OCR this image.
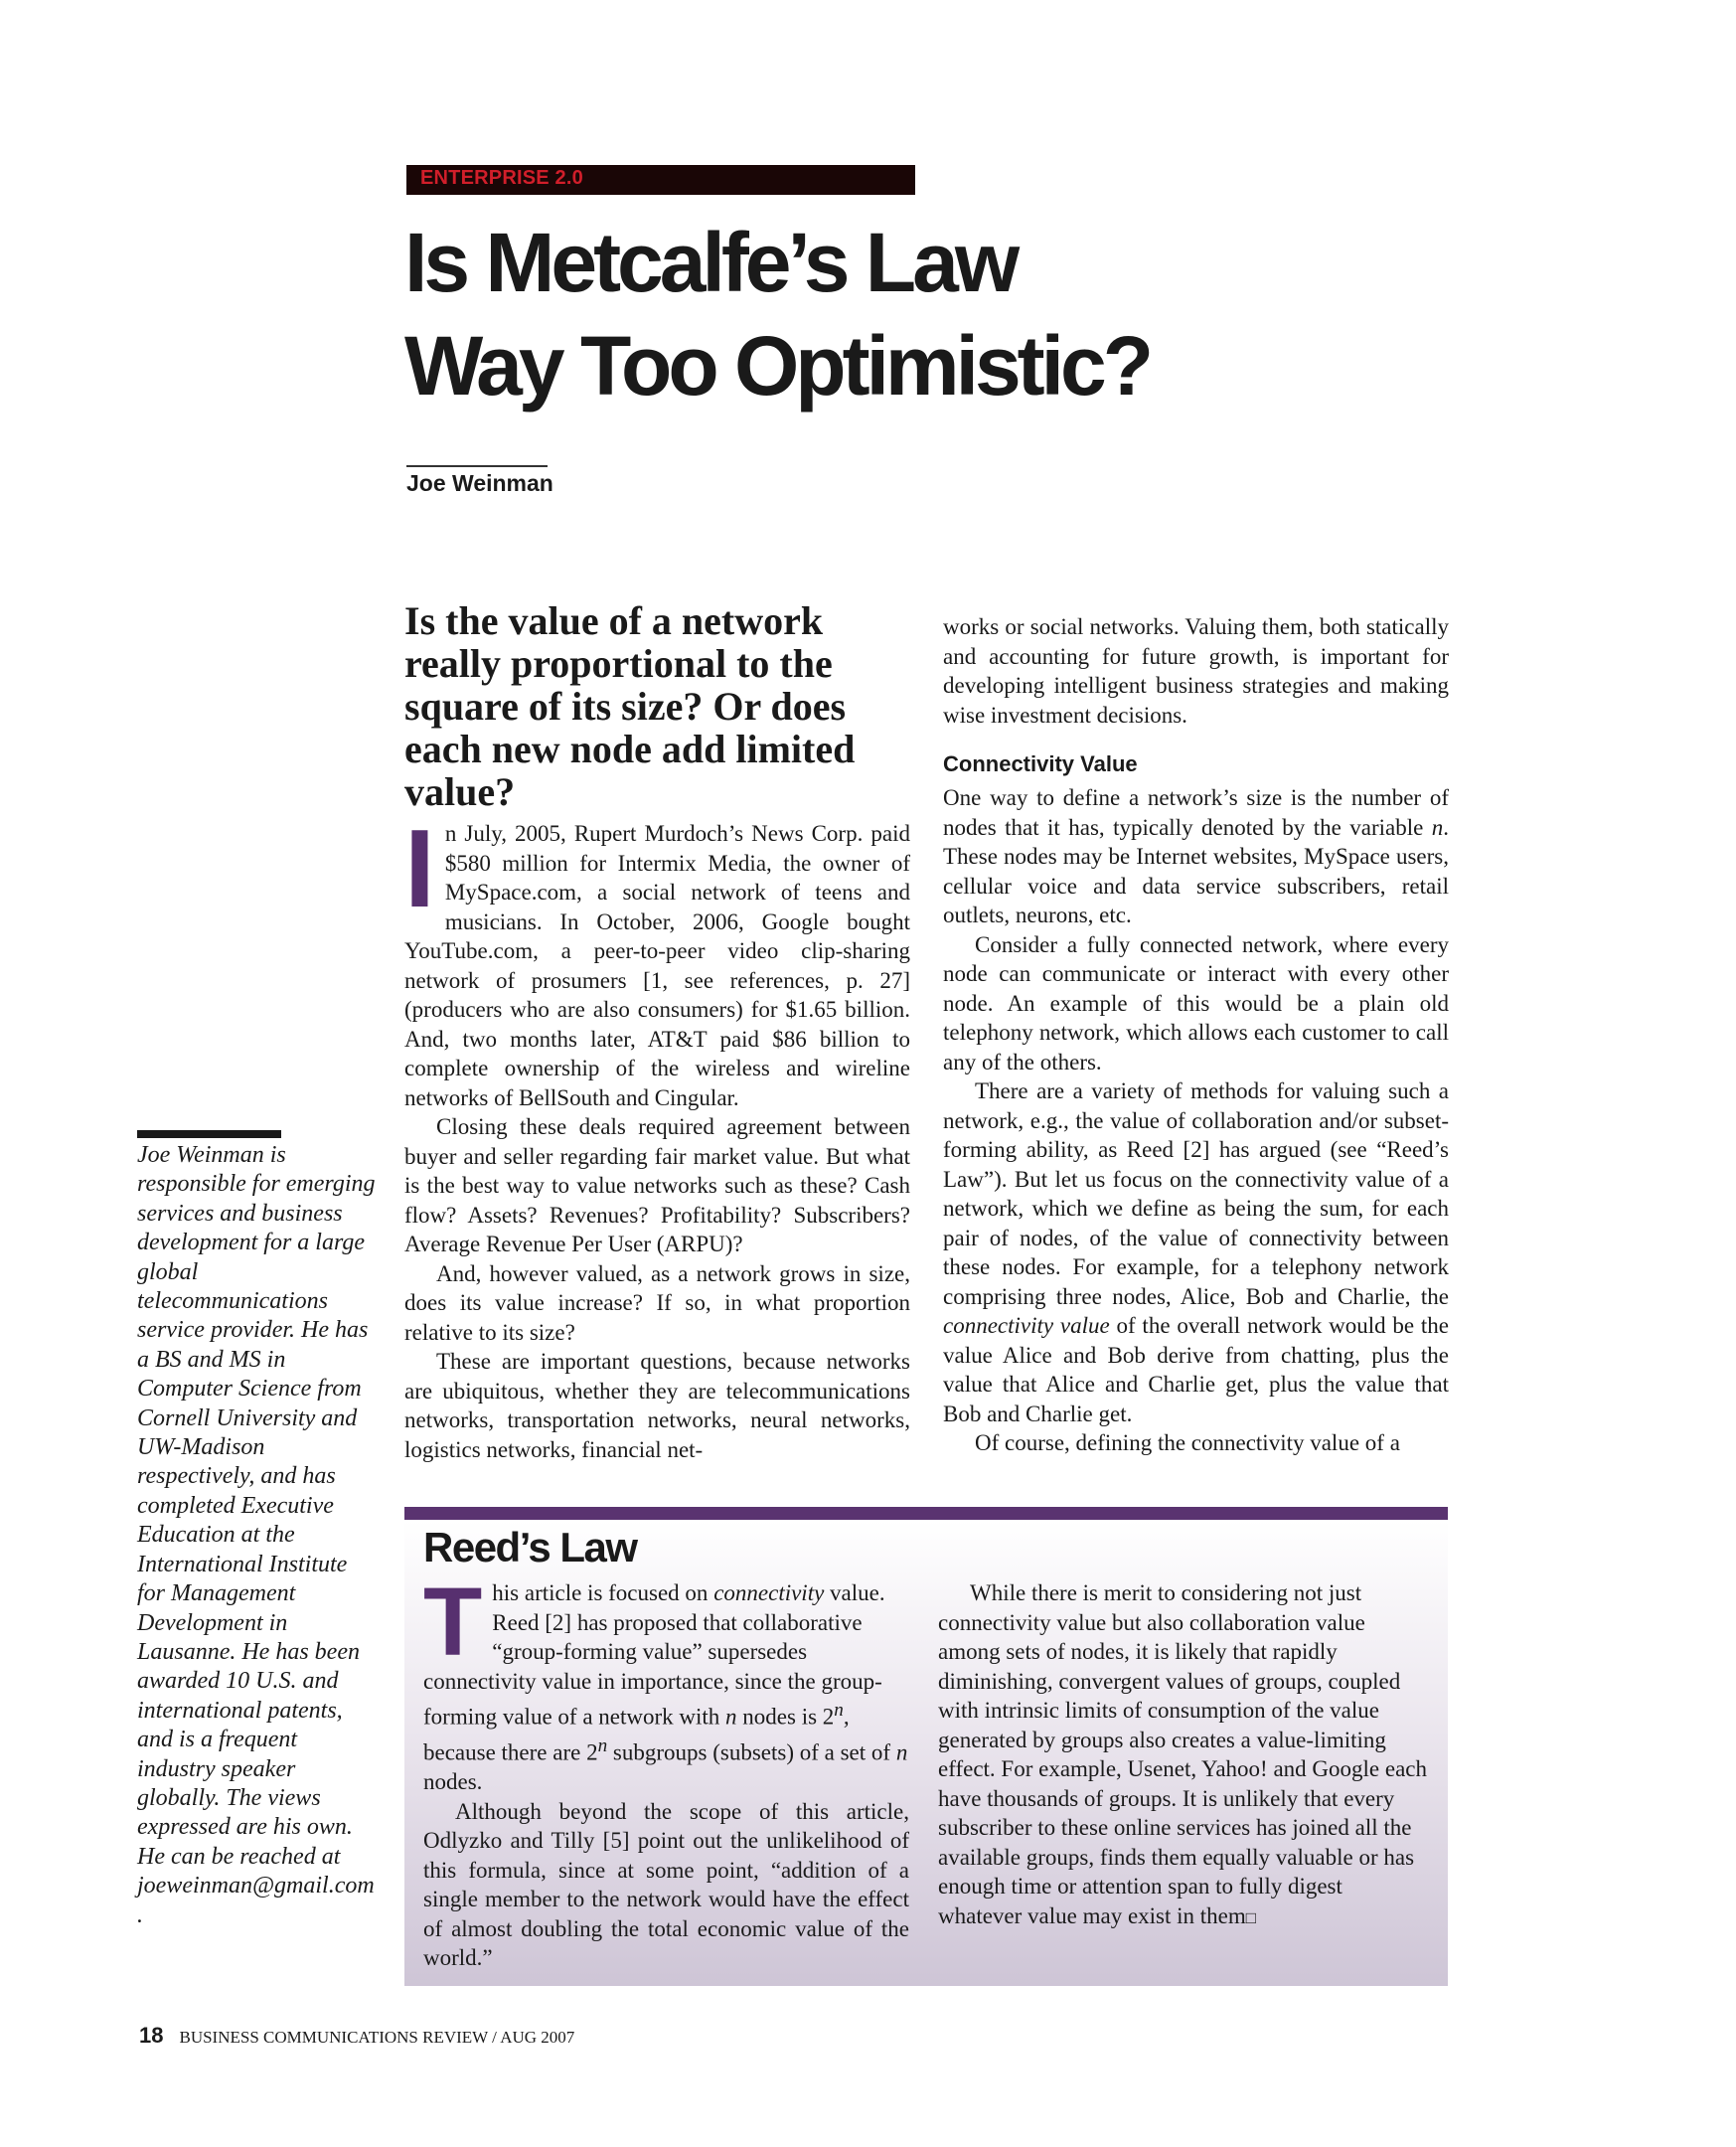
ENTERPRISE 2.0
Is Metcalfe’s Law
Way Too Optimistic?
Joe Weinman
Is the value of a network really proportional to the square of its size? Or does each new node add limited value?

In July, 2005, Rupert Murdoch’s News Corp. paid $580 million for Intermix Media, the owner of MySpace.com, a social network of teens and musicians. In October, 2006, Google bought YouTube.com, a peer-to-peer video clip-sharing network of prosumers [1, see references, p. 27] (producers who are also consumers) for $1.65 billion. And, two months later, AT&T paid $86 billion to complete ownership of the wireless and wireline networks of BellSouth and Cingular.

Closing these deals required agreement between buyer and seller regarding fair market value. But what is the best way to value networks such as these? Cash flow? Assets? Revenues? Profitability? Subscribers? Average Revenue Per User (ARPU)?

And, however valued, as a network grows in size, does its value increase? If so, in what proportion relative to its size?

These are important questions, because networks are ubiquitous, whether they are telecommunications networks, transportation networks, neural networks, logistics networks, financial net-

works or social networks. Valuing them, both statically and accounting for future growth, is important for developing intelligent business strategies and making wise investment decisions.

Connectivity Value

One way to define a network’s size is the number of nodes that it has, typically denoted by the variable n. These nodes may be Internet websites, MySpace users, cellular voice and data service subscribers, retail outlets, neurons, etc.

Consider a fully connected network, where every node can communicate or interact with every other node. An example of this would be a plain old telephony network, which allows each customer to call any of the others.

There are a variety of methods for valuing such a network, e.g., the value of collaboration and/or subset-forming ability, as Reed [2] has argued (see “Reed’s Law”). But let us focus on the connectivity value of a network, which we define as being the sum, for each pair of nodes, of the value of connectivity between these nodes. For example, for a telephony network comprising three nodes, Alice, Bob and Charlie, the connectivity value of the overall network would be the value Alice and Bob derive from chatting, plus the value that Alice and Charlie get, plus the value that Bob and Charlie get.

Of course, defining the connectivity value of a

Joe Weinman is responsible for emerging services and business development for a large global telecommunications service provider. He has a BS and MS in Computer Science from Cornell University and UW-Madison respectively, and has completed Executive Education at the International Institute for Management Development in Lausanne. He has been awarded 10 U.S. and international patents, and is a frequent industry speaker globally. The views expressed are his own. He can be reached at joeweinman@gmail.com.
Reed’s Law

This article is focused on connectivity value. Reed [2] has proposed that collaborative “group-forming value” supersedes connectivity value in importance, since the group-forming value of a network with n nodes is 2$^n$, because there are 2$^n$ subgroups (subsets) of a set of n nodes.

Although beyond the scope of this article, Odlyzko and Tilly [5] point out the unlikelihood of this formula, since at some point, “addition of a single member to the network would have the effect of almost doubling the total economic value of the world.”

While there is merit to considering not just connectivity value but also collaboration value among sets of nodes, it is likely that rapidly diminishing, convergent values of groups, coupled with intrinsic limits of consumption of the value generated by groups also creates a value-limiting effect. For example, Usenet, Yahoo! and Google each have thousands of groups. It is unlikely that every subscriber to these online services has joined all the available groups, finds them equally valuable or has enough time or attention span to fully digest whatever value may exist in them□

18 BUSINESS COMMUNICATIONS REVIEW / AUG 2007
